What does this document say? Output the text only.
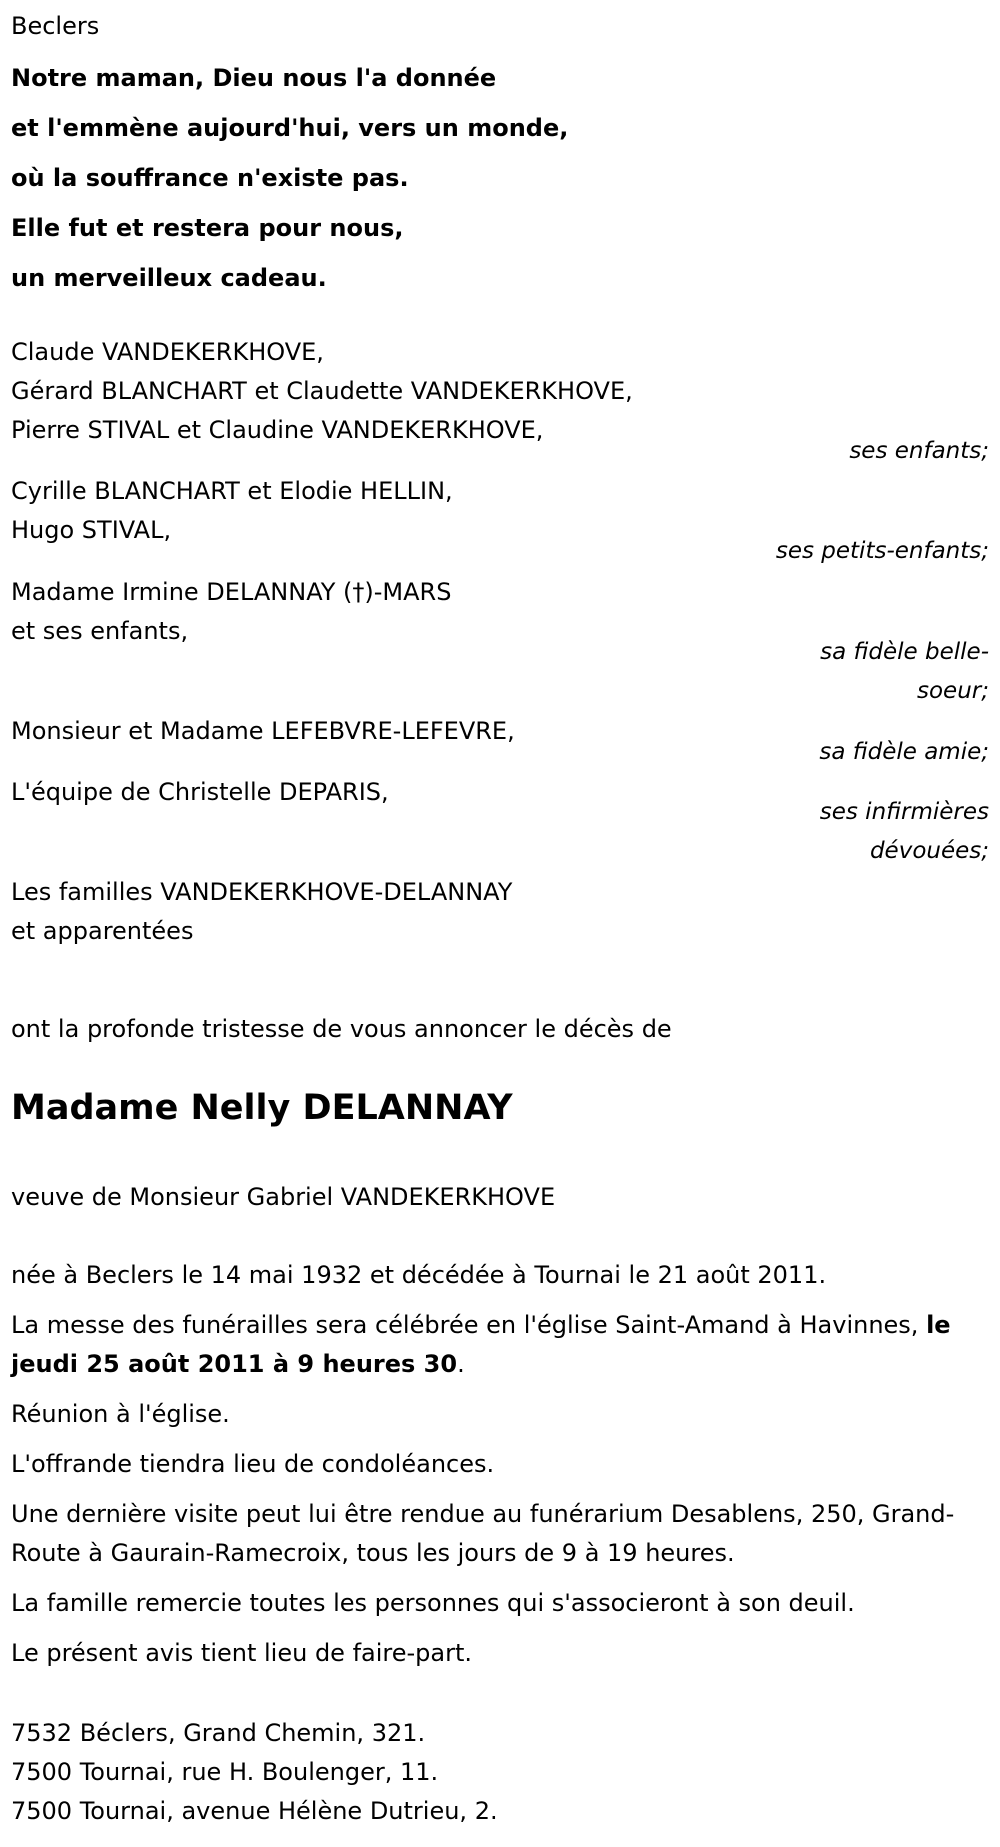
Beclers
Notre maman, Dieu nous l'a donnée
et l'emmène aujourd'hui, vers un monde,
où la souffrance n'existe pas.
Elle fut et restera pour nous,
un merveilleux cadeau.
Claude VANDEKERKHOVE,
Gérard BLANCHART et Claudette VANDEKERKHOVE,
Pierre STIVAL et Claudine VANDEKERKHOVE,
ses enfants;
Cyrille BLANCHART et Elodie HELLIN,
Hugo STIVAL,
ses petits-enfants;
Madame Irmine DELANNAY (†)-MARS
et ses enfants,
sa fidèle belle-
soeur;
Monsieur et Madame LEFEBVRE-LEFEVRE,
sa fidèle amie;
L'équipe de Christelle DEPARIS,
ses infirmières
dévouées;
Les familles VANDEKERKHOVE-DELANNAY
et apparentées
ont la profonde tristesse de vous annoncer le décès de
Madame Nelly DELANNAY
veuve de Monsieur Gabriel VANDEKERKHOVE

née à Beclers le 14 mai 1932 et décédée à Tournai le 21 août 2011.

La messe des funérailles sera célébrée en l'église Saint-Amand à Havinnes, le jeudi 25 août 2011 à 9 heures 30.

Réunion à l'église.

L'offrande tiendra lieu de condoléances.

Une dernière visite peut lui être rendue au funérarium Desablens, 250, Grand-Route à Gaurain-Ramecroix, tous les jours de 9 à 19 heures.

La famille remercie toutes les personnes qui s'associeront à son deuil.

Le présent avis tient lieu de faire-part.

7532 Béclers, Grand Chemin, 321.
7500 Tournai, rue H. Boulenger, 11.
7500 Tournai, avenue Hélène Dutrieu, 2.
